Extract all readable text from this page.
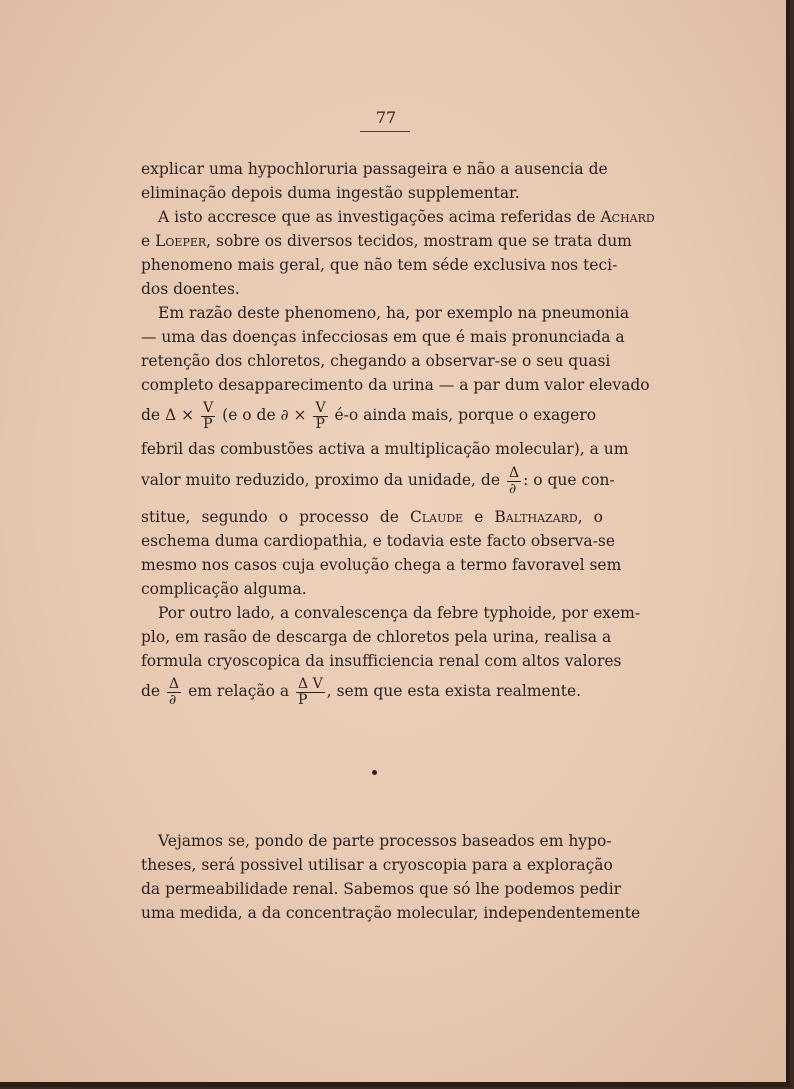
77
explicar uma hypochloruria passageira e não a ausencia de
eliminação depois duma ingestão supplementar.
A isto accresce que as investigações acima referidas de Achard
e Loeper, sobre os diversos tecidos, mostram que se trata dum
phenomeno mais geral, que não tem séde exclusiva nos teci-
dos doentes.
Em razão deste phenomeno, ha, por exemplo na pneumonia
— uma das doenças infecciosas em que é mais pronunciada a
retenção dos chloretos, chegando a observar-se o seu quasi
completo desapparecimento da urina — a par dum valor elevado
de $\Delta \times \frac{V}{P} (e$ o de ∂ × $\frac{V}{P}$ é-o ainda mais, porque o exagero
febril das combustões activa a multiplicação molecular), a um
valor muito reduzido, proximo da unidade, de $\frac{\Delta}{\partial}$ : o que con-
stitue, segundo o processo de Claude e Balthazard, o
eschema duma cardiopathia, e todavia este facto observa-se
mesmo nos casos cuja evolução chega a termo favoravel sem
complicação alguma.
Por outro lado, a convalescença da febre typhoide, por exem-
plo, em rasão de descarga de chloretos pela urina, realisa a
formula cryoscopica da insufficiencia renal com altos valores
de $\frac{\Delta}{\partial}$ em relação a $\frac{\text{Δ V}}{P}$ , sem que esta exista realmente.
Vejamos se, pondo de parte processos baseados em hypo-
theses, será possivel utilisar a cryoscopia para a exploração
da permeabilidade renal. Sabemos que só lhe podemos pedir
uma medida, a da concentração molecular, independentemente
